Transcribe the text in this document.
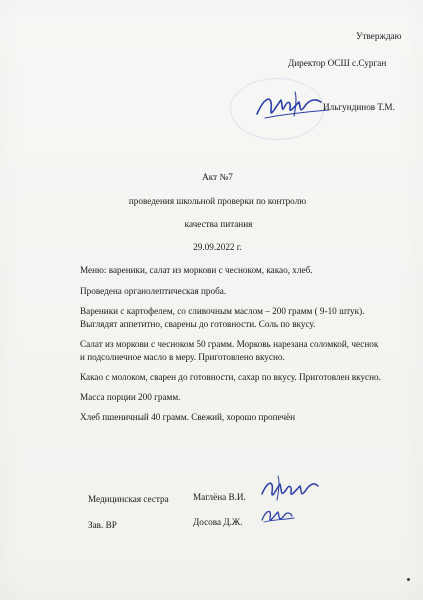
Утверждаю
Директор ОСШ с.Сурган
Ильгундинов Т.М.
Акт №7
проведения школьной проверки по контролю
качества питания
29.09.2022 г.
Меню: вареники, салат из моркови с чесноком, какао, хлеб.
Проведена органолептическая проба.
Вареники с картофелем, со сливочным маслом – 200 грамм ( 9-10 штук).
Выглядят аппетитно, сварены до готовности. Соль по вкусу.
Салат из моркови с чесноком 50 грамм. Морковь нарезана соломкой, чеснок
и подсолнечное масло в меру. Приготовлено вкусно.
Какао с молоком, сварен до готовности, сахар по вкусу. Приготовлен вкусно.
Масса порции 200 грамм.
Хлеб пшеничный 40 грамм. Свежий, хорошо пропечён
Медицинская сестра	Маглёна В.И.
Зав. ВР	Досова Д.Ж.
